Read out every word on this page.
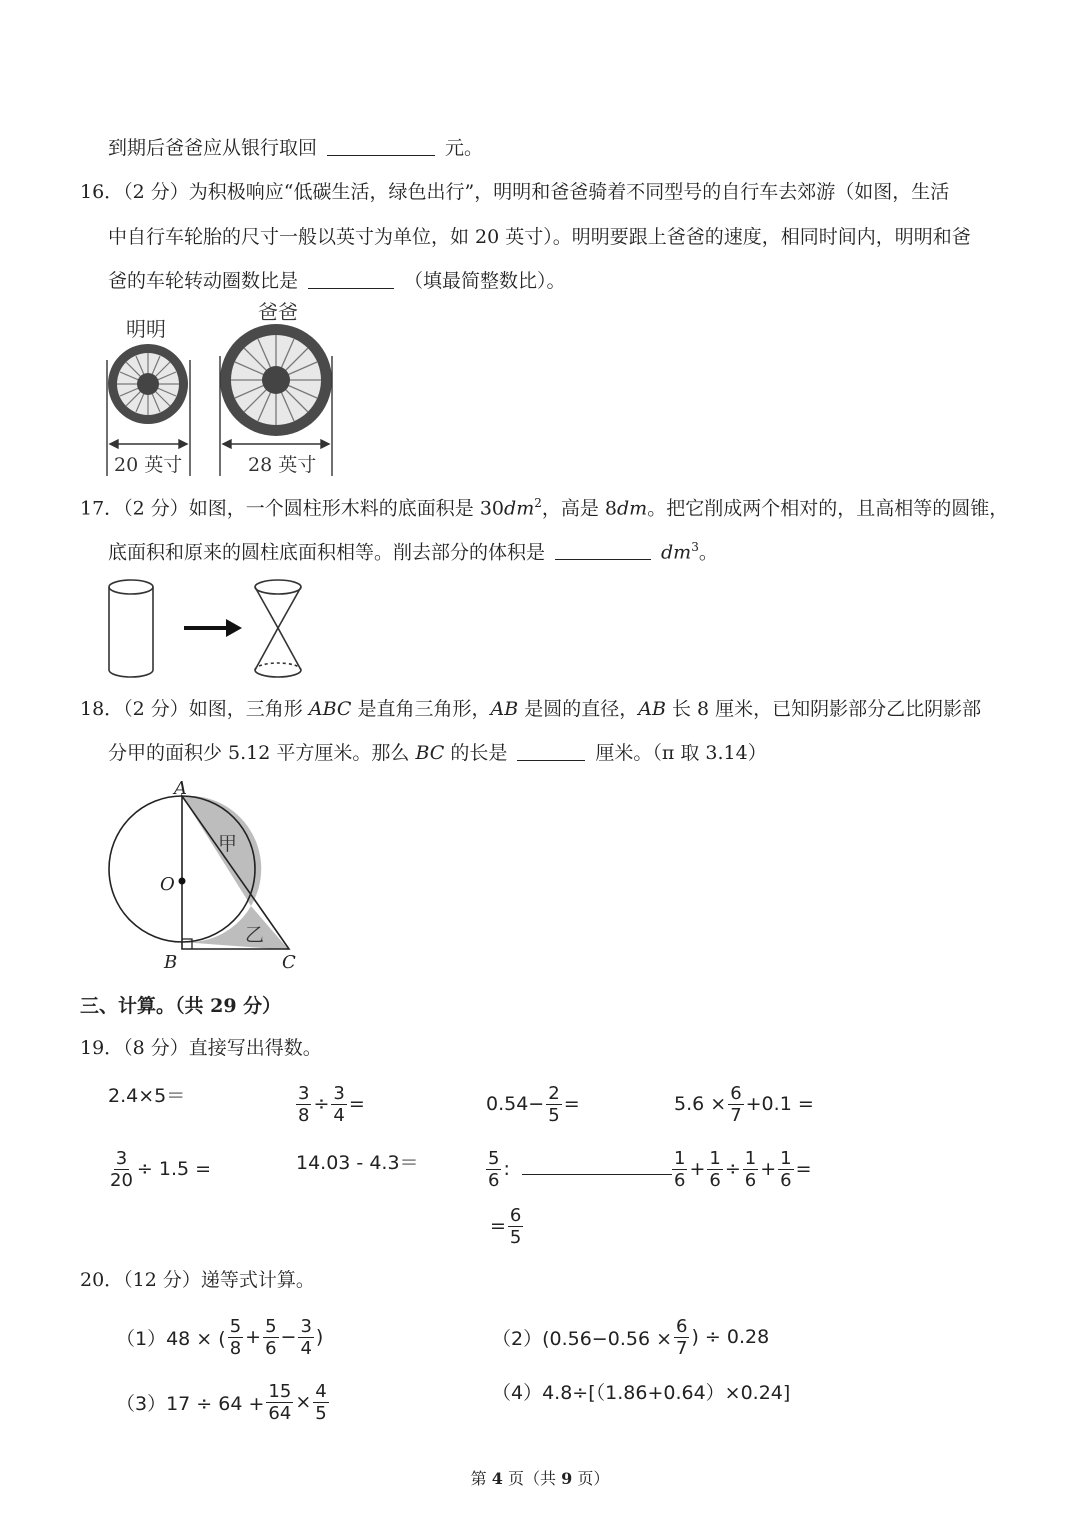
到期后爸爸应从银行取回	元。
16．（2 分）为积极响应“低碳生活，绿色出行”，明明和爸爸骑着不同型号的自行车去郊游（如图，生活
中自行车轮胎的尺寸一般以英寸为单位，如 20 英寸）。明明要跟上爸爸的速度，相同时间内，明明和爸
爸的车轮转动圈数比是	（填最简整数比）。
明明
爸爸
20 英寸	28 英寸
17．（2 分）如图，一个圆柱形木料的底面积是 $30dm^2$，高是 8dm。把它削成两个相对的，且高相等的圆锥，
底面积和原来的圆柱底面积相等。削去部分的体积是	$dm^3$。
18．（2 分）如图，三角形 ABC 是直角三角形，AB 是圆的直径，AB 长 8 厘米，已知阴影部分乙比阴影部
分甲的面积少 5.12 平方厘米。那么 BC 的长是	厘米。（π 取 3.14）
A
O
B	C
甲
乙
三、计算。（共 29 分）
19．（8 分）直接写出得数。
2.4×5＝	$\frac{3}{8} \div \frac{3}{4}$ =	$0.54- \frac{2}{5}$ =	$5.6 \times \frac{6}{7} +0.1$ =
$\frac{3}{20} \div 1.5$ =	14.03 - 4.3＝	$\frac{5}{6}$ :	$\frac{1}{6} + \frac{1}{6} \div \frac{1}{6} + \frac{1}{6}$ =
= $\frac{6}{5}$
20．（12 分）递等式计算。
（1）48 × ( $\frac{5}{8} + \frac{5}{6} - \frac{3}{4}$ )	$(2)(0.56-0.56 \times \frac{6}{7}$ ) ÷ 0.28
$(3)17 \div 64 + \frac{15}{64} \times \frac{4}{5}$	（4）4.8÷[（1.86+0.64）×0.24]
第 4 页（共 9 页）
